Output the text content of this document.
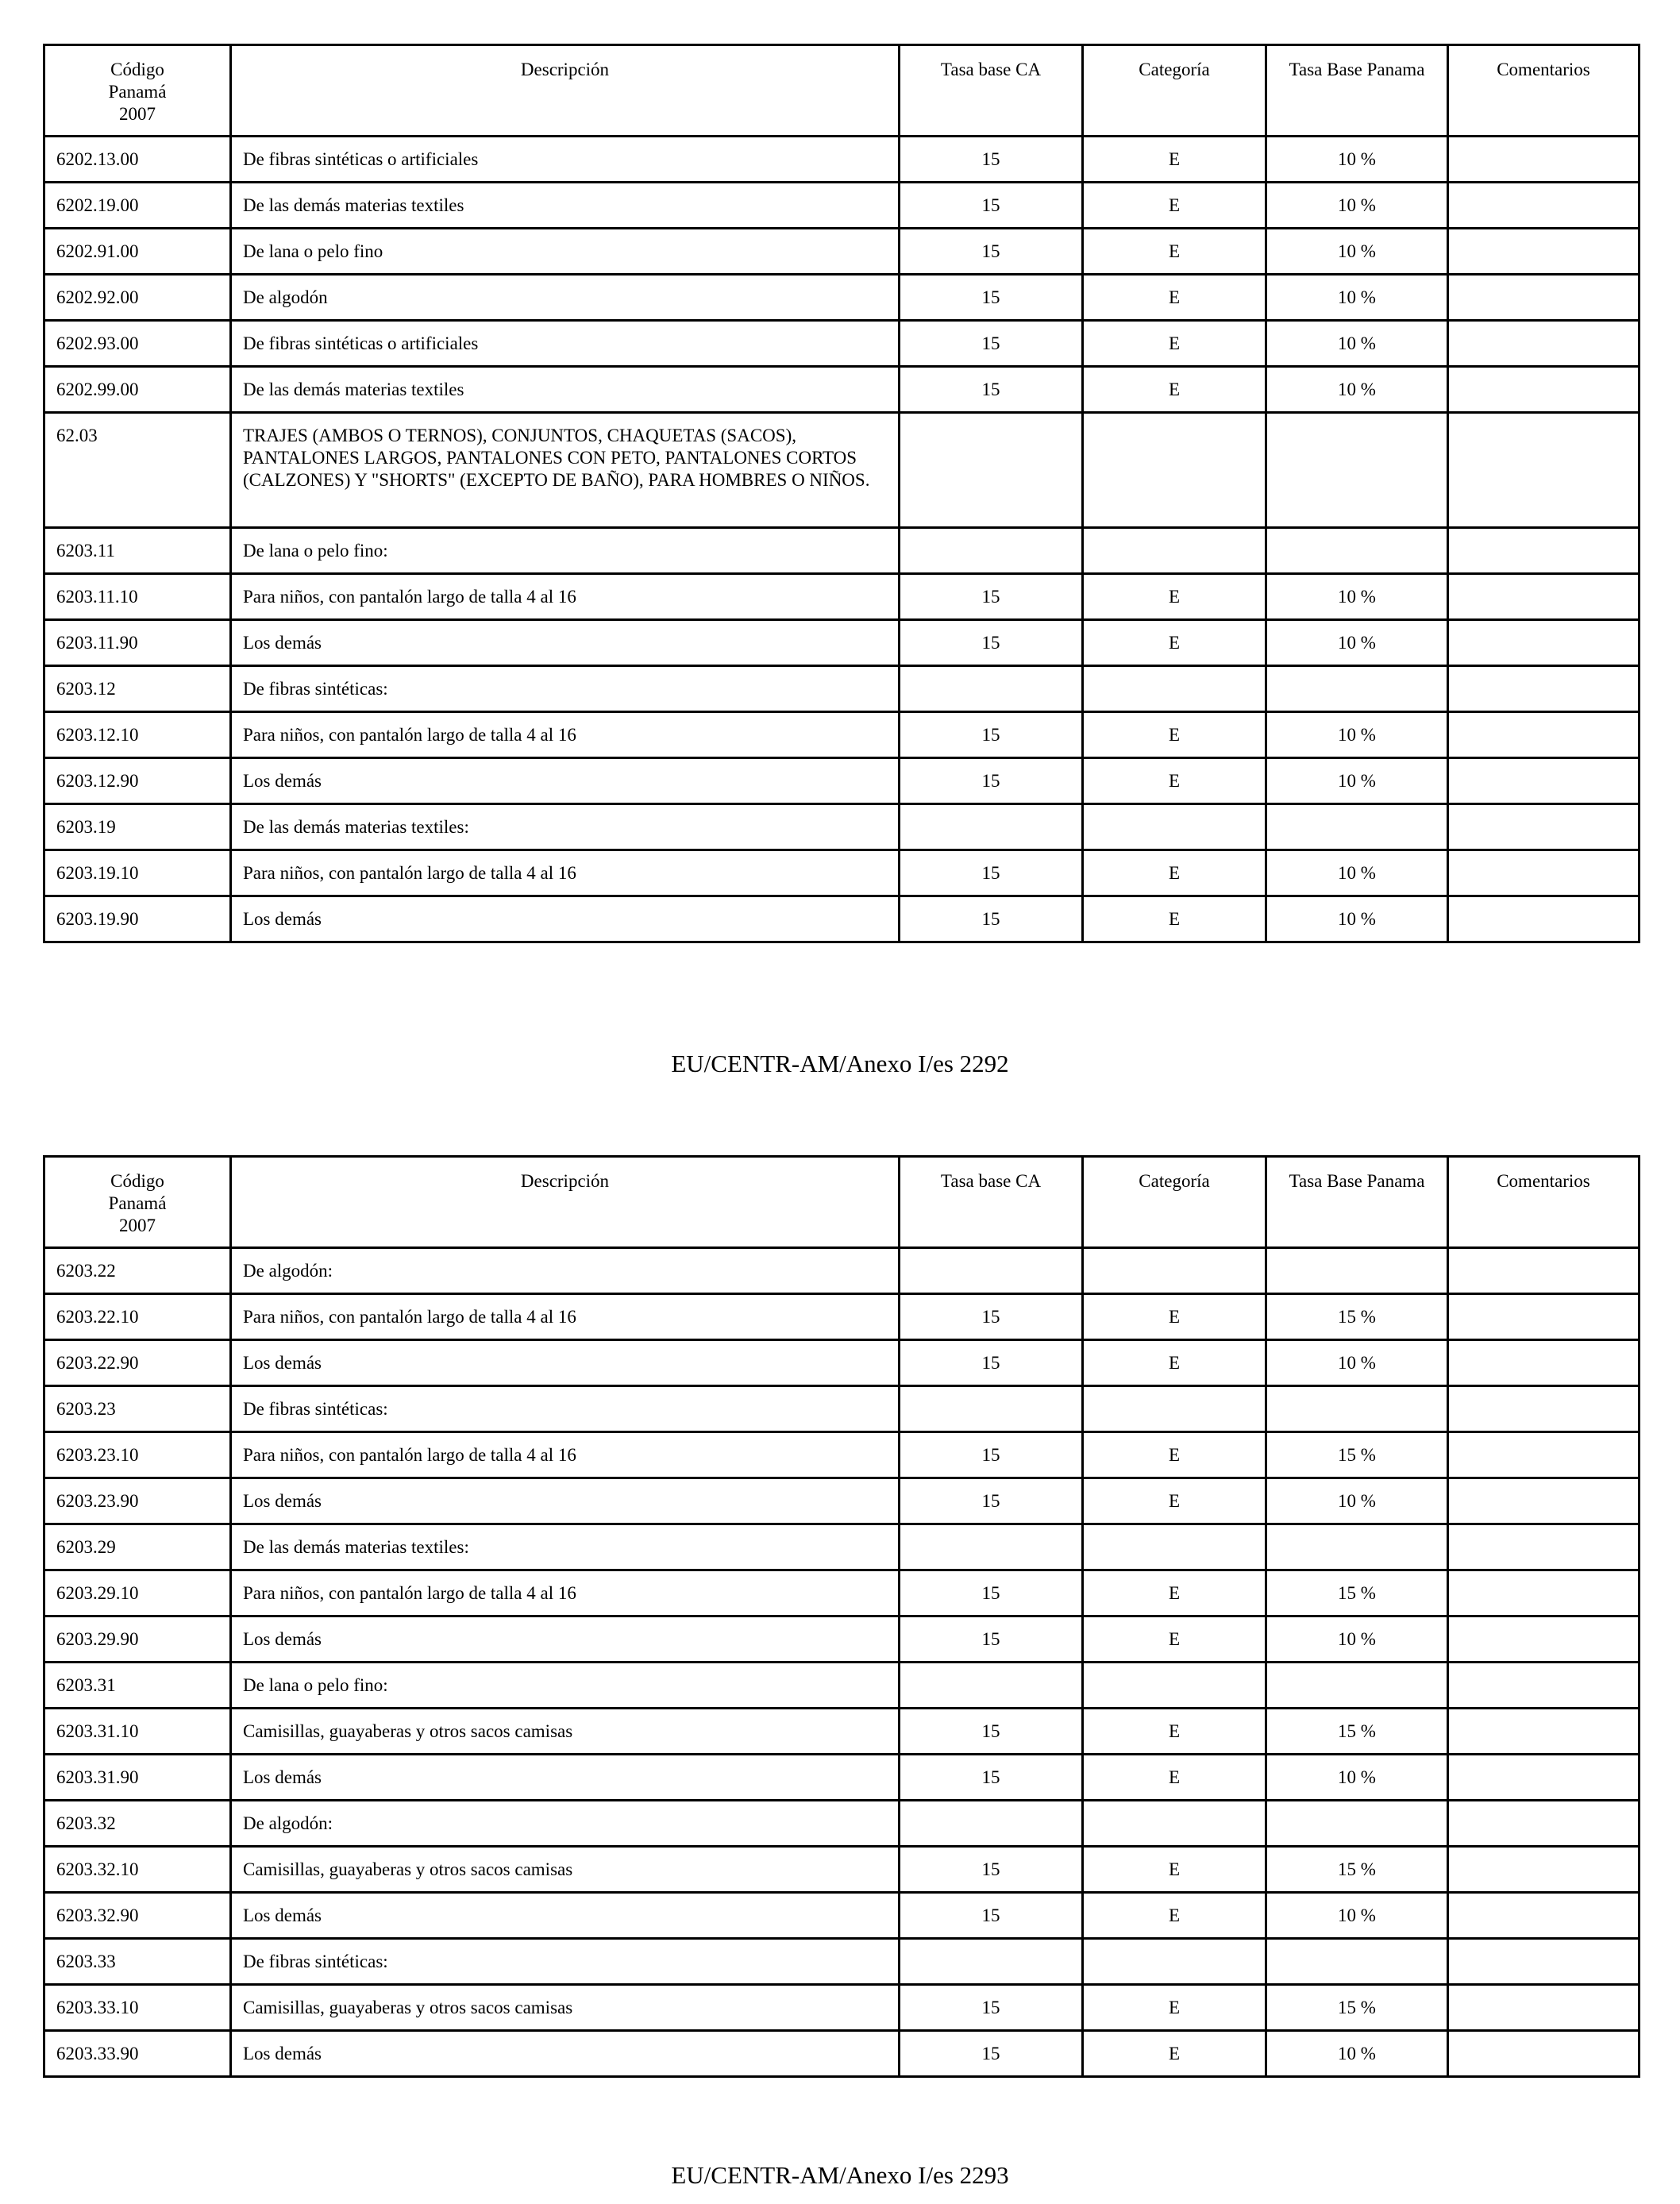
Código
Panamá
2007	Descripción	Tasa base CA	Categoría	Tasa Base Panama	Comentarios
6202.13.00	De fibras sintéticas o artificiales	15	E	10 %	
6202.19.00	De las demás materias textiles	15	E	10 %	
6202.91.00	De lana o pelo fino	15	E	10 %	
6202.92.00	De algodón	15	E	10 %	
6202.93.00	De fibras sintéticas o artificiales	15	E	10 %	
6202.99.00	De las demás materias textiles	15	E	10 %	
62.03	TRAJES (AMBOS O TERNOS), CONJUNTOS, CHAQUETAS (SACOS), PANTALONES LARGOS, PANTALONES CON PETO, PANTALONES CORTOS (CALZONES) Y "SHORTS" (EXCEPTO DE BAÑO), PARA HOMBRES O NIÑOS.				
6203.11	De lana o pelo fino:				
6203.11.10	Para niños, con pantalón largo de talla 4 al 16	15	E	10 %	
6203.11.90	Los demás	15	E	10 %	
6203.12	De fibras sintéticas:				
6203.12.10	Para niños, con pantalón largo de talla 4 al 16	15	E	10 %	
6203.12.90	Los demás	15	E	10 %	
6203.19	De las demás materias textiles:				
6203.19.10	Para niños, con pantalón largo de talla 4 al 16	15	E	10 %	
6203.19.90	Los demás	15	E	10 %	
EU/CENTR-AM/Anexo I/es 2292
Código
Panamá
2007	Descripción	Tasa base CA	Categoría	Tasa Base Panama	Comentarios
6203.22	De algodón:				
6203.22.10	Para niños, con pantalón largo de talla 4 al 16	15	E	15 %	
6203.22.90	Los demás	15	E	10 %	
6203.23	De fibras sintéticas:				
6203.23.10	Para niños, con pantalón largo de talla 4 al 16	15	E	15 %	
6203.23.90	Los demás	15	E	10 %	
6203.29	De las demás materias textiles:				
6203.29.10	Para niños, con pantalón largo de talla 4 al 16	15	E	15 %	
6203.29.90	Los demás	15	E	10 %	
6203.31	De lana o pelo fino:				
6203.31.10	Camisillas, guayaberas y otros sacos camisas	15	E	15 %	
6203.31.90	Los demás	15	E	10 %	
6203.32	De algodón:				
6203.32.10	Camisillas, guayaberas y otros sacos camisas	15	E	15 %	
6203.32.90	Los demás	15	E	10 %	
6203.33	De fibras sintéticas:				
6203.33.10	Camisillas, guayaberas y otros sacos camisas	15	E	15 %	
6203.33.90	Los demás	15	E	10 %	
EU/CENTR-AM/Anexo I/es 2293
